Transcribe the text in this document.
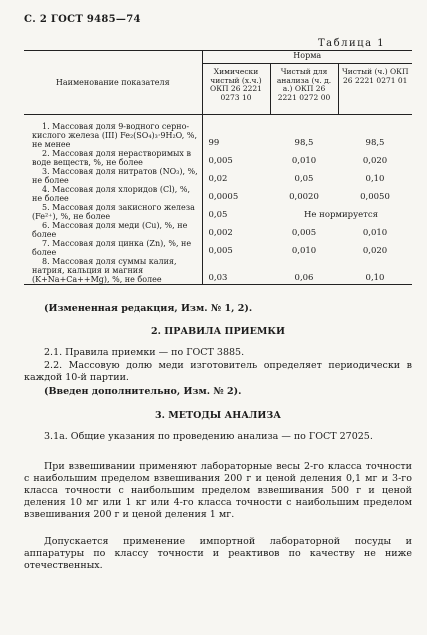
С. 2 ГОСТ 9485—74
Таблица 1
Наименование показателя	Норма		
	Химически чистый (х.ч.) ОКП 26 2221 0273 10	Чистый для анализа (ч. д. а.) ОКП 26 2221 0272 00	Чистый (ч.) ОКП 26 2221 0271 01

1. Массовая доля 9-водного серно-кислого железа (III) Fe₂(SO₄)₃·9H₂O, %, не менее	99	98,5	98,5

2. Массовая доля нерастворимых в воде веществ, %, не более	0,005	0,010	0,020

3. Массовая доля нитратов (NO₃), %, не более	0,02	0,05	0,10

4. Массовая доля хлоридов (Cl), %, не более	0,0005	0,0020	0,0050

5. Массовая доля закисного железа (Fe²⁺), %, не более	0,05	Не нормируется	

6. Массовая доля меди (Cu), %, не более	0,002	0,005	0,010

7. Массовая доля цинка (Zn), %, не более	0,005	0,010	0,020

8. Массовая доля суммы калия, натрия, кальция и магния (K+Na+Ca++Mg), %, не более	0,03	0,06	0,10
(Измененная редакция, Изм. № 1, 2).
2. ПРАВИЛА ПРИЕМКИ
2.1. Правила приемки — по ГОСТ 3885.
2.2. Массовую долю меди изготовитель определяет периодически в каждой 10-й партии.
(Введен дополнительно, Изм. № 2).
3. МЕТОДЫ АНАЛИЗА
3.1а. Общие указания по проведению анализа — по ГОСТ 27025.
При взвешивании применяют лабораторные весы 2-го класса точности с наибольшим пределом взвешивания 200 г и ценой деления 0,1 мг и 3-го класса точности с наибольшим пределом взвешивания 500 г и ценой деления 10 мг или 1 кг или 4-го класса точности с наибольшим пределом взвешивания 200 г и ценой деления 1 мг.
Допускается применение импортной лабораторной посуды и аппаратуры по классу точности и реактивов по качеству не ниже отечественных.
